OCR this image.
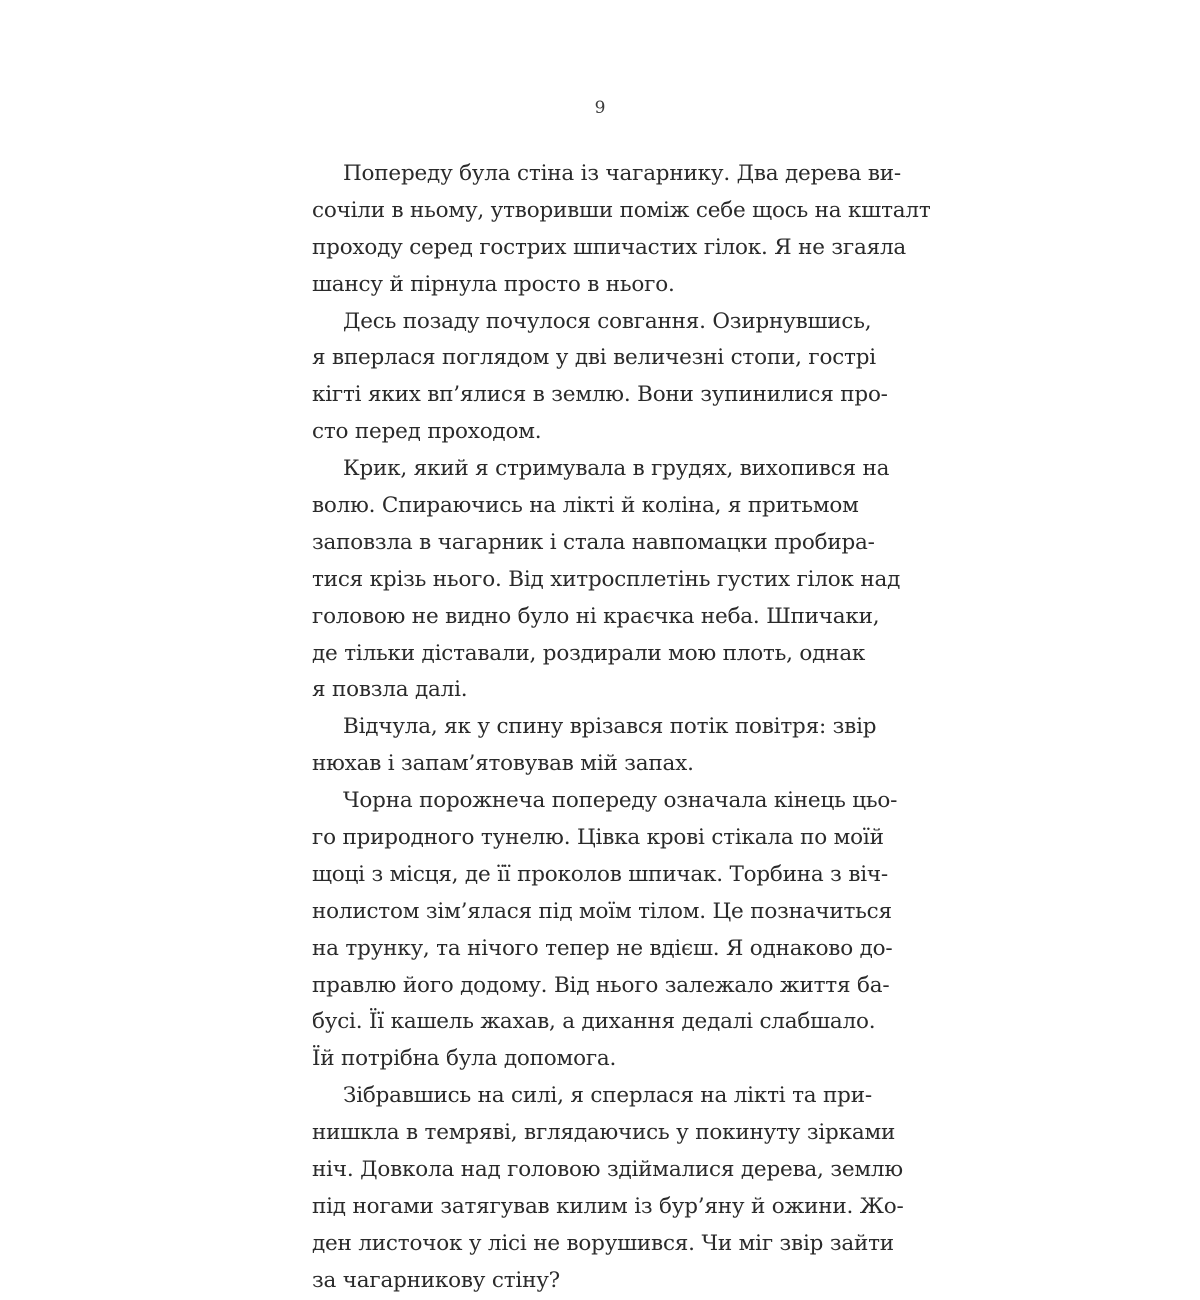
9
Попереду була стіна із чагарнику. Два дерева ви-
сочіли в ньому, утворивши поміж себе щось на кшталт
проходу серед гострих шпичастих гілок. Я не згаяла
шансу й пірнула просто в нього.
Десь позаду почулося совгання. Озирнувшись,
я вперлася поглядом у дві величезні стопи, гострі
кігті яких вп’ялися в землю. Вони зупинилися про-
сто перед проходом.
Крик, який я стримувала в грудях, вихопився на
волю. Спираючись на лікті й коліна, я притьмом
заповзла в чагарник і стала навпомацки пробира-
тися крізь нього. Від хитросплетінь густих гілок над
головою не видно було ні краєчка неба. Шпичаки,
де тільки діставали, роздирали мою плоть, однак
я повзла далі.
Відчула, як у спину врізався потік повітря: звір
нюхав і запам’ятовував мій запах.
Чорна порожнеча попереду означала кінець цьо-
го природного тунелю. Цівка крові стікала по моїй
щоці з місця, де її проколов шпичак. Торбина з віч-
нолистом зім’ялася під моїм тілом. Це позначиться
на трунку, та нічого тепер не вдієш. Я однаково до-
правлю його додому. Від нього залежало життя ба-
бусі. Її кашель жахав, а дихання дедалі слабшало.
Їй потрібна була допомога.
Зібравшись на силі, я сперлася на лікті та при-
нишкла в темряві, вглядаючись у покинуту зірками
ніч. Довкола над головою здіймалися дерева, землю
під ногами затягував килим із бур’яну й ожини. Жо-
ден листочок у лісі не ворушився. Чи міг звір зайти
за чагарникову стіну?
